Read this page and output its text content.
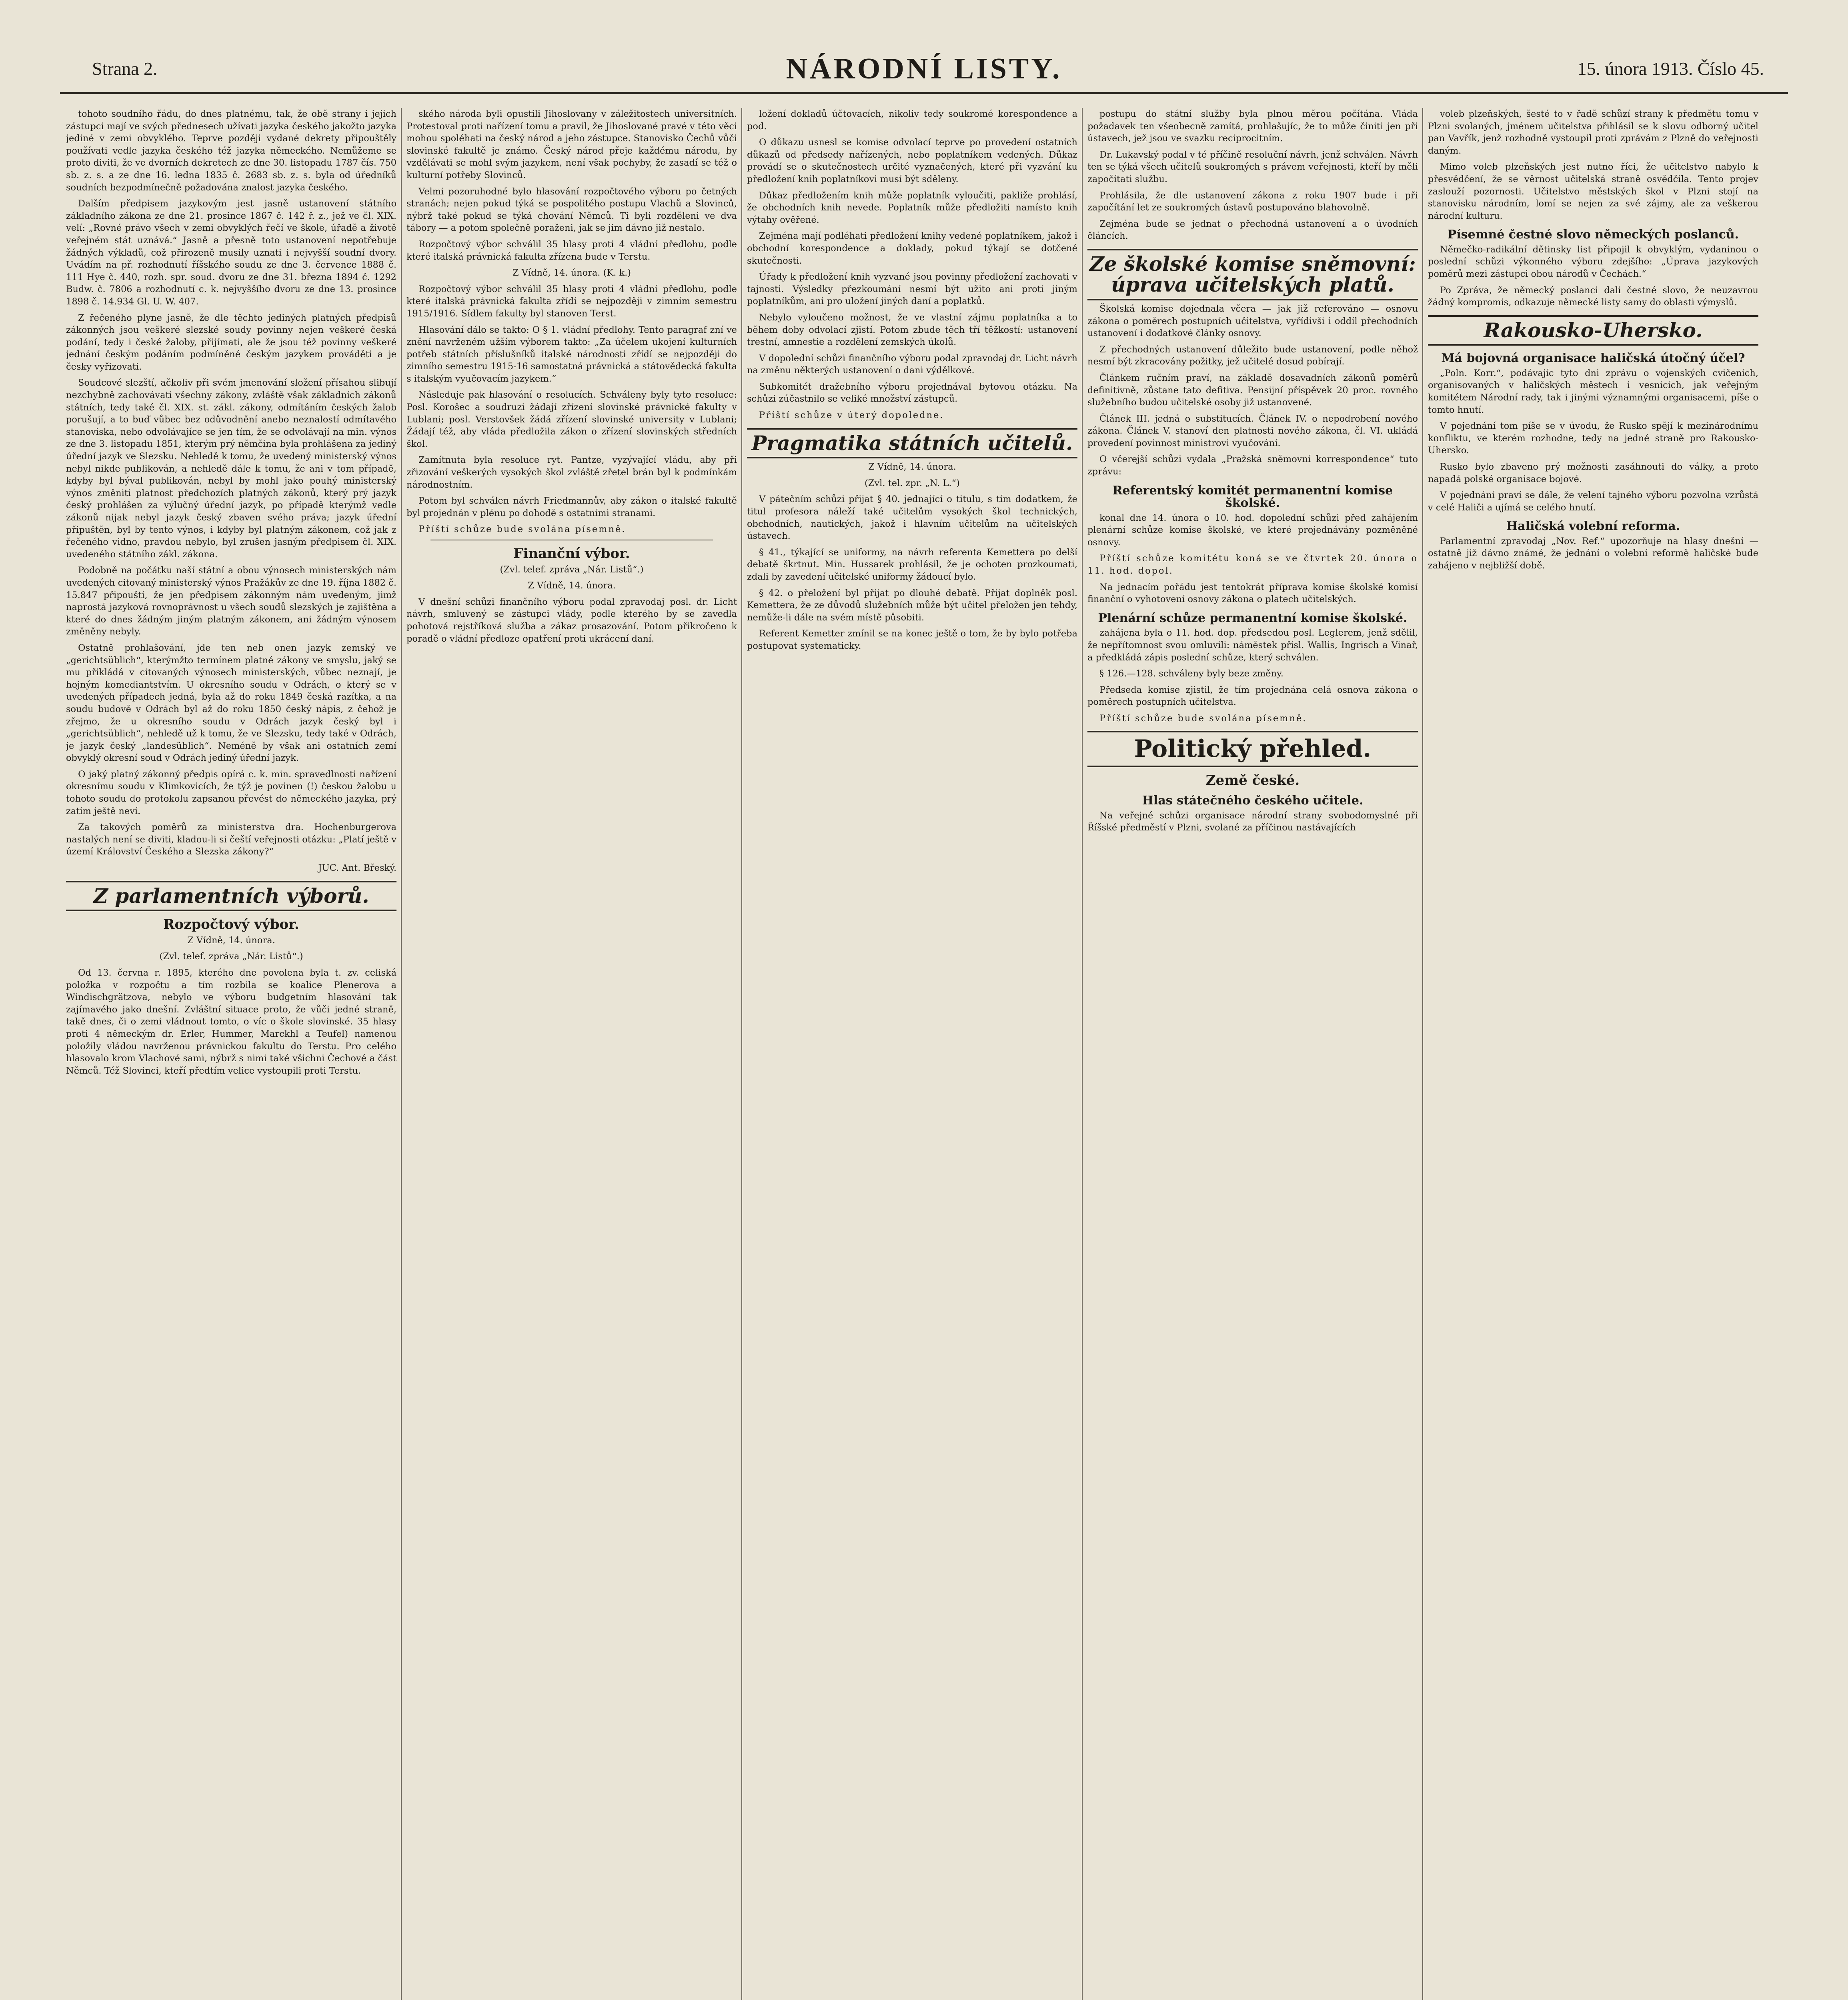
Strana 2.	NÁRODNÍ LISTY.	15. února 1913. Číslo 45.

tohoto soudního řádu, do dnes platnému, tak, že obě strany i jejich zástupci mají ve svých přednesech užívati jazyka českého jakožto jazyka jediné v zemi obvyklého. Teprve později vydané dekrety připouštěly používati vedle jazyka českého též jazyka německého. Nemůžeme se proto diviti, že ve dvorních dekretech ze dne 30. listopadu 1787 čís. 750 sb. z. s. a ze dne 16. ledna 1835 č. 2683 sb. z. s. byla od úředníků soudních bezpodmínečně požadována znalost jazyka českého.

Dalším předpisem jazykovým jest jasně ustanovení státního základního zákona ze dne 21. prosince 1867 č. 142 ř. z., jež ve čl. XIX. velí: „Rovné právo všech v zemi obvyklých řečí ve škole, úřadě a životě veřejném stát uznává.“ Jasně a přesně toto ustanovení nepotřebuje žádných výkladů, což přirozeně musily uznati i nejvyšší soudní dvory. Uvádím na př. rozhodnutí říšského soudu ze dne 3. července 1888 č. 111 Hye č. 440, rozh. spr. soud. dvoru ze dne 31. března 1894 č. 1292 Budw. č. 7806 a rozhodnutí c. k. nejvyššího dvoru ze dne 13. prosince 1898 č. 14.934 Gl. U. W. 407.

Z řečeného plyne jasně, že dle těchto jediných platných předpisů zákonných jsou veškeré slezské soudy povinny nejen veškeré česká podání, tedy i české žaloby, přijímati, ale že jsou též povinny veškeré jednání českým podáním podmíněné českým jazykem prováděti a je česky vyřizovati.

Soudcové slezští, ačkoliv při svém jmenování složení přísahou slibují nezchybně zachovávati všechny zákony, zvláště však základních zákonů státních, tedy také čl. XIX. st. zákl. zákony, odmítáním českých žalob porušují, a to buď vůbec bez odůvodnění anebo neznalostí odmítavého stanoviska, nebo odvolávajíce se jen tím, že se odvolávají na min. výnos ze dne 3. listopadu 1851, kterým prý němčina byla prohlášena za jediný úřední jazyk ve Slezsku. Nehledě k tomu, že uvedený ministerský výnos nebyl nikde publikován, a nehledě dále k tomu, že ani v tom případě, kdyby byl býval publikován, nebyl by mohl jako pouhý ministerský výnos změniti platnost předchozích platných zákonů, který prý jazyk český prohlášen za výlučný úřední jazyk, po případě kterýmž vedle zákonů nijak nebyl jazyk český zbaven svého práva; jazyk úřední připuštěn, byl by tento výnos, i kdyby byl platným zákonem, což jak z řečeného vidno, pravdou nebylo, byl zrušen jasným předpisem čl. XIX. uvedeného státního zákl. zákona.

Podobně na počátku naší státní a obou výnosech ministerských nám uvedených citovaný ministerský výnos Pražákův ze dne 19. října 1882 č. 15.847 připouští, že jen předpisem zákonným nám uvedeným, jimž naprostá jazyková rovnoprávnost u všech soudů slezských je zajištěna a které do dnes žádným jiným platným zákonem, ani žádným výnosem změněny nebyly.

Ostatně prohlašování, jde ten neb onen jazyk zemský ve „gerichtsüblich“, kterýmžto termínem platné zákony ve smyslu, jaký se mu přikládá v citovaných výnosech ministerských, vůbec neznají, je hojným komediantstvím. U okresního soudu v Odrách, o který se v uvedených případech jedná, byla až do roku 1849 česká razítka, a na soudu budově v Odrách byl až do roku 1850 český nápis, z čehož je zřejmo, že u okresního soudu v Odrách jazyk český byl i „gerichtsüblich“, nehledě už k tomu, že ve Slezsku, tedy také v Odrách, je jazyk český „landesüblich“. Neméně by však ani ostatních zemí obvyklý okresní soud v Odrách jediný úřední jazyk.

O jaký platný zákonný předpis opírá c. k. min. spravedlnosti nařízení okresnímu soudu v Klimkovicích, že týž je povinen (!) českou žalobu u tohoto soudu do protokolu zapsanou převést do německého jazyka, prý zatím ještě neví.

Za takových poměrů za ministerstva dra. Hochenburgerova nastalých není se diviti, kladou-li si čeští veřejnosti otázku: „Platí ještě v území Království Českého a Slezska zákony?“

JUC. Ant. Břeský.

Z parlamentních výborů.
Rozpočtový výbor.

Z Vídně, 14. února.

(Zvl. telef. zpráva „Nár. Listů“.)

Od 13. června r. 1895, kterého dne povolena byla t. zv. celiská položka v rozpočtu a tím rozbila se koalice Plenerova a Windischgrätzova, nebylo ve výboru budgetním hlasování tak zajímavého jako dnešní. Zvláštní situace proto, že vůči jedné straně, takě dnes, či o zemi vládnout tomto, o víc o škole slovinské. 35 hlasy proti 4 německým dr. Erler, Hummer, Marckhl a Teufel) namenou položily vládou navrženou právnickou fakultu do Terstu. Pro celého hlasovalo krom Vlachové sami, nýbrž s nimi také všichni Čechové a část Němců. Též Slovinci, kteří předtím velice vystoupili proti Terstu.

ského národa byli opustili Jihoslovany v záležitostech universitních. Protestoval proti nařízení tomu a pravil, že Jihoslované pravé v této věci mohou spoléhati na český národ a jeho zástupce. Stanovisko Čechů vůči slovinské fakultě je známo. Český národ přeje každému národu, by vzdělávati se mohl svým jazykem, není však pochyby, že zasadí se též o kulturní potřeby Slovinců.

Velmi pozoruhodné bylo hlasování rozpočtového výboru po četných stranách; nejen pokud týká se pospolitého postupu Vlachů a Slovinců, nýbrž také pokud se týká chování Němců. Ti byli rozděleni ve dva tábory — a potom společně poraženi, jak se jim dávno již nestalo.

Rozpočtový výbor schválil 35 hlasy proti 4 vládní předlohu, podle které italská právnická fakulta zřízena bude v Terstu.

Z Vídně, 14. února. (K. k.)

Rozpočtový výbor schválil 35 hlasy proti 4 vládní předlohu, podle které italská právnická fakulta zřídí se nejpozději v zimním semestru 1915/1916. Sídlem fakulty byl stanoven Terst.

Hlasování dálo se takto: O § 1. vládní předlohy. Tento paragraf zní ve znění navrženém užším výborem takto: „Za účelem ukojení kulturních potřeb státních příslušníků italské národnosti zřídí se nejpozději do zimního semestru 1915-16 samostatná právnická a státovědecká fakulta s italským vyučovacím jazykem.“

Následuje pak hlasování o resolucích. Schváleny byly tyto resoluce: Posl. Korošec a soudruzi žádají zřízení slovinské právnické fakulty v Lublani; posl. Verstovšek žádá zřízení slovinské university v Lublani; Žádají též, aby vláda předložila zákon o zřízení slovinských středních škol.

Zamítnuta byla resoluce ryt. Pantze, vyzývající vládu, aby při zřizování veškerých vysokých škol zvláště zřetel brán byl k podmínkám národnostním.

Potom byl schválen návrh Friedmannův, aby zákon o italské fakultě byl projednán v plénu po dohodě s ostatními stranami.

Příští schůze bude svolána písemně.

Finanční výbor.

(Zvl. telef. zpráva „Nár. Listů“.)

Z Vídně, 14. února.

V dnešní schůzi finančního výboru podal zpravodaj posl. dr. Licht návrh, smluvený se zástupci vlády, podle kterého by se zavedla pohotová rejstříková služba a zákaz prosazování. Potom přikročeno k poradě o vládní předloze opatření proti ukrácení daní.

ložení dokladů účtovacích, nikoliv tedy soukromé korespondence a pod.

O důkazu usnesl se komise odvolací teprve po provedení ostatních důkazů od předsedy nařízených, nebo poplatníkem vedených. Důkaz provádí se o skutečnostech určité vyznačených, které při vyzvání ku předložení knih poplatníkovi musí být sděleny.

Důkaz předložením knih může poplatník vyloučiti, pakliže prohlásí, že obchodních knih nevede. Poplatník může předložiti namísto knih výtahy ověřené.

Zejména mají podléhati předložení knihy vedené poplatníkem, jakož i obchodní korespondence a doklady, pokud týkají se dotčené skutečnosti.

Úřady k předložení knih vyzvané jsou povinny předložení zachovati v tajnosti. Výsledky přezkoumání nesmí být užito ani proti jiným poplatníkům, ani pro uložení jiných daní a poplatků.

Nebylo vyloučeno možnost, že ve vlastní zájmu poplatníka a to během doby odvolací zjistí. Potom zbude těch tří těžkostí: ustanovení trestní, amnestie a rozdělení zemských úkolů.

V dopolední schůzi finančního výboru podal zpravodaj dr. Licht návrh na změnu některých ustanovení o dani výdělkové.

Subkomitét dražebního výboru projednával bytovou otázku. Na schůzi zúčastnilo se veliké množství zástupců.

Příští schůze v úterý dopoledne.

Pragmatika státních učitelů.

Z Vídně, 14. února.

(Zvl. tel. zpr. „N. L.“)

V pátečním schůzi přijat § 40. jednající o titulu, s tím dodatkem, že titul profesora náleží také učitelům vysokých škol technických, obchodních, nautických, jakož i hlavním učitelům na učitelských ústavech.

§ 41., týkající se uniformy, na návrh referenta Kemettera po delší debatě škrtnut. Min. Hussarek prohlásil, že je ochoten prozkoumati, zdali by zavedení učitelské uniformy žádoucí bylo.

§ 42. o přeložení byl přijat po dlouhé debatě. Přijat doplněk posl. Kemettera, že ze důvodů služebních může být učitel přeložen jen tehdy, nemůže-li dále na svém místě působiti.

Referent Kemetter zmínil se na konec ještě o tom, že by bylo potřeba postupovat systematicky.

postupu do státní služby byla plnou měrou počítána. Vláda požadavek ten všeobecně zamítá, prohlašujíc, že to může činiti jen při ústavech, jež jsou ve svazku reciprocitním.

Dr. Lukavský podal v té příčině resoluční návrh, jenž schválen. Návrh ten se týká všech učitelů soukromých s právem veřejnosti, kteří by měli započítati službu.

Prohlásila, že dle ustanovení zákona z roku 1907 bude i při započítání let ze soukromých ústavů postupováno blahovolně.

Zejména bude se jednat o přechodná ustanovení a o úvodních článcích.

Ze školské komise sněmovní: úprava učitelských platů.

Školská komise dojednala včera — jak již referováno — osnovu zákona o poměrech postupních učitelstva, vyřídivši i oddíl přechodních ustanovení i dodatkové články osnovy.

Z přechodných ustanovení důležito bude ustanovení, podle něhož nesmí být zkracovány požitky, jež učitelé dosud pobírají.

Článkem ručním praví, na základě dosavadních zákonů poměrů definitivně, zůstane tato defitiva. Pensijní příspěvek 20 proc. rovného služebního budou učitelské osoby již ustanovené.

Článek III. jedná o substitucích. Článek IV. o nepodrobení nového zákona. Článek V. stanoví den platnosti nového zákona, čl. VI. ukládá provedení povinnost ministrovi vyučování.

O včerejší schůzi vydala „Pražská sněmovní korrespondence“ tuto zprávu:

Referentský komitét permanentní komise školské.

konal dne 14. února o 10. hod. dopolední schůzi před zahájením plenární schůze komise školské, ve které projednávány pozměněné osnovy.

Příští schůze komitétu koná se ve čtvrtek 20. února o 11. hod. dopol.

Na jednacím pořádu jest tentokrát příprava komise školské komisí finanční o vyhotovení osnovy zákona o platech učitelských.

Plenární schůze permanentní komise školské.

zahájena byla o 11. hod. dop. předsedou posl. Leglerem, jenž sdělil, že nepřítomnost svou omluvili: náměstek přísl. Wallis, Ingrisch a Vinař, a předkládá zápis poslední schůze, který schválen.

§ 126.—128. schváleny byly beze změny.

Předseda komise zjistil, že tím projednána celá osnova zákona o poměrech postupních učitelstva.

Příští schůze bude svolána písemně.

Politický přehled.
Země české.
Hlas státečného českého učitele.

Na veřejné schůzi organisace národní strany svobodomyslné při Říšské předměstí v Plzni, svolané za příčinou nastávajících

voleb plzeňských, šesté to v řadě schůzí strany k předmětu tomu v Plzni svolaných, jménem učitelstva přihlásil se k slovu odborný učitel pan Vavřík, jenž rozhodně vystoupil proti zprávám z Plzně do veřejnosti daným.

Mimo voleb plzeňských jest nutno říci, že učitelstvo nabylo k přesvědčení, že se věrnost učitelská straně osvědčila. Tento projev zaslouží pozornosti. Učitelstvo městských škol v Plzni stojí na stanovisku národním, lomí se nejen za své zájmy, ale za veškerou národní kulturu.

Písemné čestné slovo německých poslanců.

Němečko-radikální dětinsky list připojil k obvyklým, vydaninou o poslední schůzi výkonného výboru zdejšího: „Úprava jazykových poměrů mezi zástupci obou národů v Čechách.“

Po Zpráva, že německý poslanci dali čestné slovo, že neuzavrou žádný kompromis, odkazuje německé listy samy do oblasti výmyslů.

Rakousko-Uhersko.
Má bojovná organisace haličská útočný účel?

„Poln. Korr.“, podávajíc tyto dni zprávu o vojenských cvičeních, organisovaných v haličských městech i vesnicích, jak veřejným komitétem Národní rady, tak i jinými významnými organisacemi, píše o tomto hnutí.

V pojednání tom píše se v úvodu, že Rusko spějí k mezinárodnímu konfliktu, ve kterém rozhodne, tedy na jedné straně pro Rakousko-Uhersko.

Rusko bylo zbaveno prý možnosti zasáhnouti do války, a proto napadá polské organisace bojové.

V pojednání praví se dále, že velení tajného výboru pozvolna vzrůstá v celé Haliči a ujímá se celého hnutí.

Haličská volební reforma.

Parlamentní zpravodaj „Nov. Ref.“ upozorňuje na hlasy dnešní — ostatně již dávno známé, že jednání o volební reformě haličské bude zahájeno v nejbližší době.
